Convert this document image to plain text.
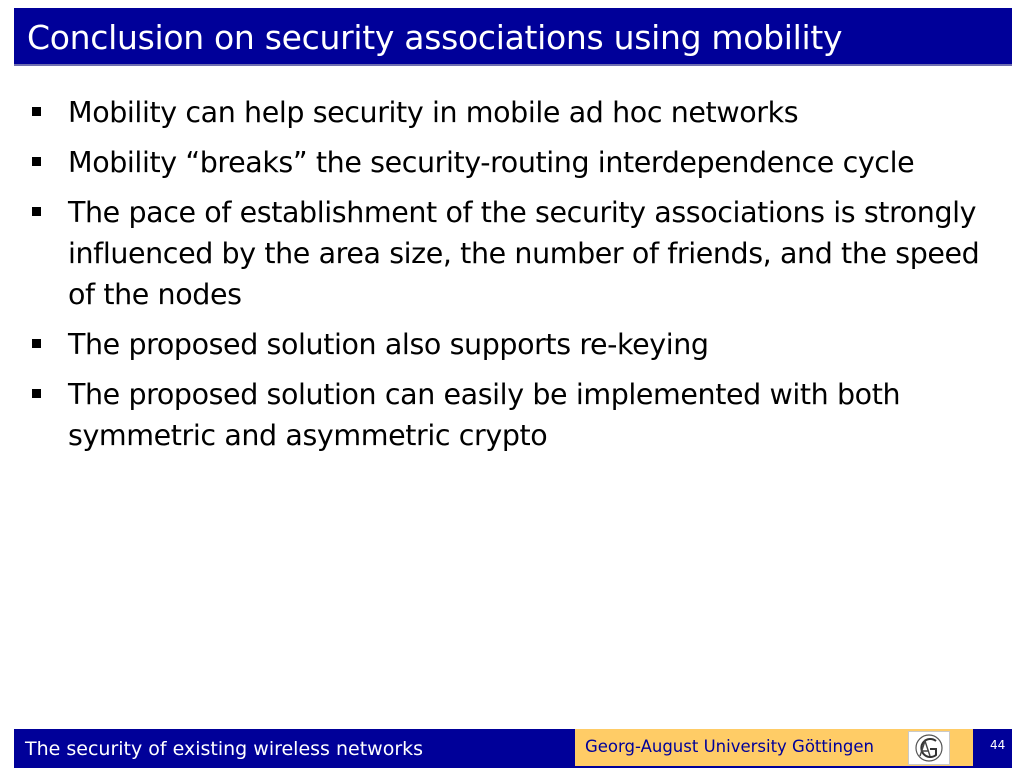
Conclusion on security associations using mobility
Mobility can help security in mobile ad hoc networks
Mobility “breaks” the security-routing interdependence cycle
The pace of establishment of the security associations is strongly influenced by the area size, the number of friends, and the speed of the nodes
The proposed solution also supports re-keying
The proposed solution can easily be implemented with both symmetric and asymmetric crypto
The security of existing wireless networks	Georg-August University Göttingen	44
